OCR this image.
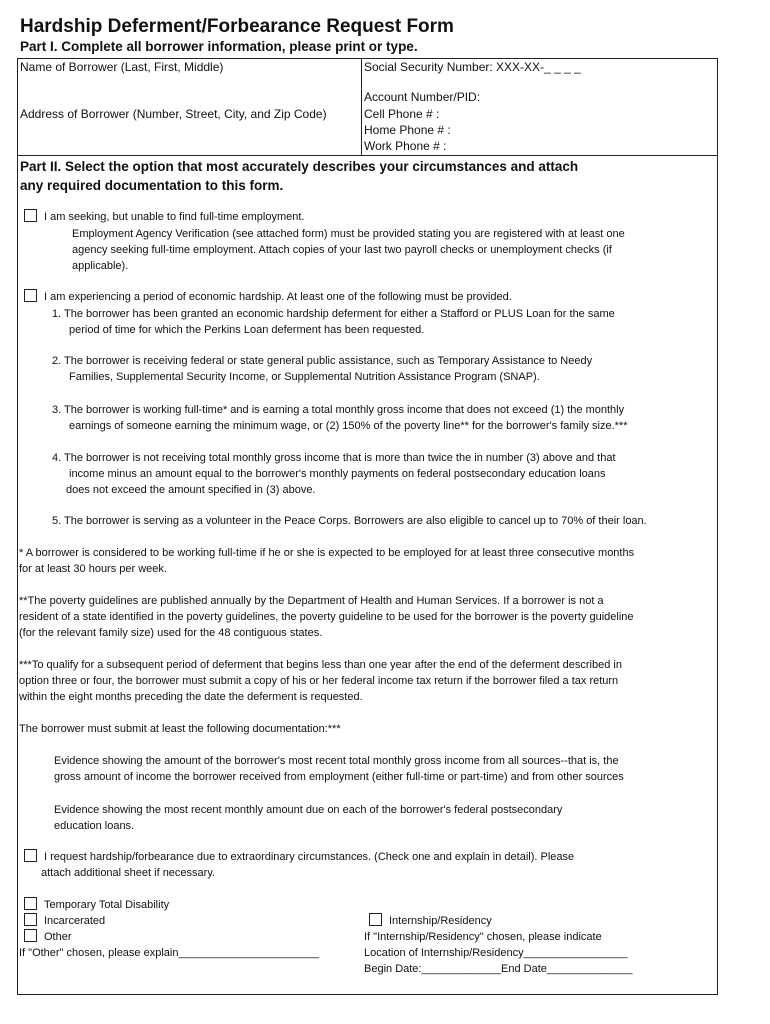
Hardship Deferment/Forbearance Request Form
Part I. Complete all borrower information, please print or type.
Name of Borrower (Last, First, Middle)	Social Security Number: XXX-XX-_ _ _ _
Account Number/PID:
Address of Borrower (Number, Street, City, and Zip Code)	Cell Phone # :
Home Phone # :
Work Phone # :
Part II. Select the option that most accurately describes your circumstances and attach
any required documentation to this form.
I am seeking, but unable to find full-time employment.
Employment Agency Verification (see attached form) must be provided stating you are registered with at least one
agency seeking full-time employment. Attach copies of your last two payroll checks or unemployment checks (if
applicable).
I am experiencing a period of economic hardship. At least one of the following must be provided.
1. The borrower has been granted an economic hardship deferment for either a Stafford or PLUS Loan for the same
period of time for which the Perkins Loan deferment has been requested.
2. The borrower is receiving federal or state general public assistance, such as Temporary Assistance to Needy
Families, Supplemental Security Income, or Supplemental Nutrition Assistance Program (SNAP).
3. The borrower is working full-time* and is earning a total monthly gross income that does not exceed (1) the monthly
earnings of someone earning the minimum wage, or (2) 150% of the poverty line** for the borrower's family size.***
4. The borrower is not receiving total monthly gross income that is more than twice the in number (3) above and that
income minus an amount equal to the borrower's monthly payments on federal postsecondary education loans
does not exceed the amount specified in (3) above.
5. The borrower is serving as a volunteer in the Peace Corps. Borrowers are also eligible to cancel up to 70% of their loan.
* A borrower is considered to be working full-time if he or she is expected to be employed for at least three consecutive months
for at least 30 hours per week.
**The poverty guidelines are published annually by the Department of Health and Human Services. If a borrower is not a
resident of a state identified in the poverty guidelines, the poverty guideline to be used for the borrower is the poverty guideline
(for the relevant family size) used for the 48 contiguous states.
***To qualify for a subsequent period of deferment that begins less than one year after the end of the deferment described in
option three or four, the borrower must submit a copy of his or her federal income tax return if the borrower filed a tax return
within the eight months preceding the date the deferment is requested.
The borrower must submit at least the following documentation:***
Evidence showing the amount of the borrower's most recent total monthly gross income from all sources--that is, the
gross amount of income the borrower received from employment (either full-time or part-time) and from other sources
Evidence showing the most recent monthly amount due on each of the borrower's federal postsecondary
education loans.
I request hardship/forbearance due to extraordinary circumstances. (Check one and explain in detail). Please
attach additional sheet if necessary.
Temporary Total Disability
Incarcerated
Other
If "Other" chosen, please explain_______________________
Internship/Residency
If "Internship/Residency" chosen, please indicate
Location of Internship/Residency_________________
Begin Date:_____________End Date______________
